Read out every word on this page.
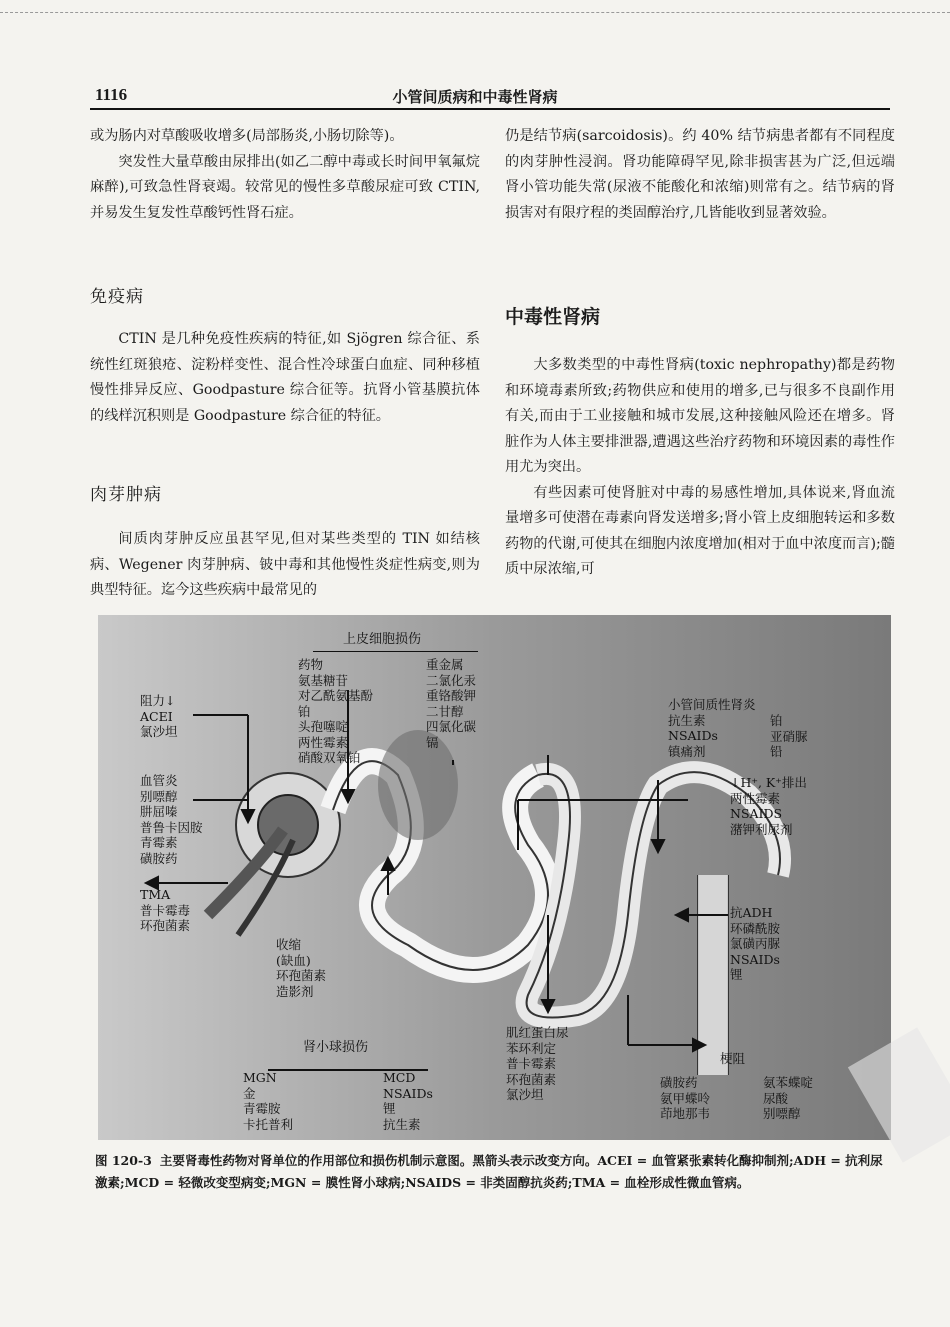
1116	小管间质病和中毒性肾病

或为肠内对草酸吸收增多(局部肠炎,小肠切除等)。

突发性大量草酸由尿排出(如乙二醇中毒或长时间甲氧氟烷麻醉),可致急性肾衰竭。较常见的慢性多草酸尿症可致 CTIN,并易发生复发性草酸钙性肾石症。

免疫病

CTIN 是几种免疫性疾病的特征,如 Sjögren 综合征、系统性红斑狼疮、淀粉样变性、混合性冷球蛋白血症、同种移植慢性排异反应、Goodpasture 综合征等。抗肾小管基膜抗体的线样沉积则是 Goodpasture 综合征的特征。

肉芽肿病

间质肉芽肿反应虽甚罕见,但对某些类型的 TIN 如结核病、Wegener 肉芽肿病、铍中毒和其他慢性炎症性病变,则为典型特征。迄今这些疾病中最常见的

仍是结节病(sarcoidosis)。约 40% 结节病患者都有不同程度的肉芽肿性浸润。肾功能障碍罕见,除非损害甚为广泛,但远端肾小管功能失常(尿液不能酸化和浓缩)则常有之。结节病的肾损害对有限疗程的类固醇治疗,几皆能收到显著效验。

中毒性肾病

大多数类型的中毒性肾病(toxic nephropathy)都是药物和环境毒素所致;药物供应和使用的增多,已与很多不良副作用有关,而由于工业接触和城市发展,这种接触风险还在增多。肾脏作为人体主要排泄器,遭遇这些治疗药物和环境因素的毒性作用尤为突出。

有些因素可使肾脏对中毒的易感性增加,具体说来,肾血流量增多可使潜在毒素向肾发送增多;肾小管上皮细胞转运和多数药物的代谢,可使其在细胞内浓度增加(相对于血中浓度而言);髓质中尿浓缩,可

上皮细胞损伤
药物
氨基糖苷
对乙酰氨基酚
铂
头孢噻啶
两性霉素
硝酸双氧铂
重金属
二氯化汞
重铬酸钾
二甘醇
四氯化碳
镉
阻力↓
ACEI
氯沙坦
血管炎
别嘌醇
肼屈嗪
普鲁卡因胺
青霉素
磺胺药
TMA
普卡霉毒
环孢菌素
收缩
(缺血)
环孢菌素
造影剂
肾小球损伤
MGN
金
青霉胺
卡托普利
MCD
NSAIDs
锂
抗生素
小管间质性肾炎
抗生素
NSAIDs
镇痛剂
铂
亚硝脲
铅
↓H⁺, K⁺排出
两性霉素
NSAIDS
潴钾利尿剂
抗ADH
环磷酰胺
氯磺丙脲
NSAIDs
锂
肌红蛋白尿
苯环利定
普卡霉素
环孢菌素
氯沙坦
梗阻
磺胺药
氨甲蝶呤
茚地那韦
氨苯蝶啶
尿酸
别嘌醇
图 120-3 主要肾毒性药物对肾单位的作用部位和损伤机制示意图。黑箭头表示改变方向。ACEI = 血管紧张素转化酶抑制剂;ADH = 抗利尿激素;MCD = 轻微改变型病变;MGN = 膜性肾小球病;NSAIDS = 非类固醇抗炎药;TMA = 血栓形成性微血管病。
